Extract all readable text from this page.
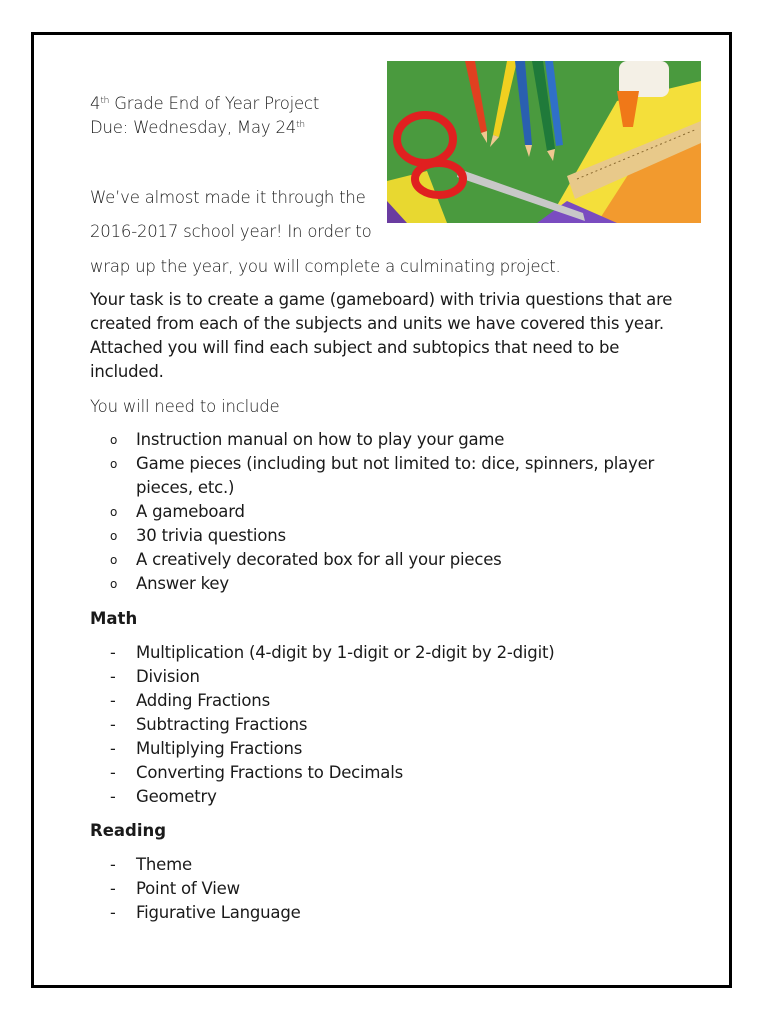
4th Grade End of Year Project
Due: Wednesday, May 24th
We’ve almost made it through the
2016-2017 school year! In order to
wrap up the year, you will complete a culminating project.
Your task is to create a game (gameboard) with trivia questions that are created from each of the subjects and units we have covered this year. Attached you will find each subject and subtopics that need to be included.
You will need to include
o Instruction manual on how to play your game
o Game pieces (including but not limited to: dice, spinners, player pieces, etc.)
o A gameboard
o 30 trivia questions
o A creatively decorated box for all your pieces
o Answer key
Math
- Multiplication (4-digit by 1-digit or 2-digit by 2-digit)
- Division
- Adding Fractions
- Subtracting Fractions
- Multiplying Fractions
- Converting Fractions to Decimals
- Geometry
Reading
- Theme
- Point of View
- Figurative Language
